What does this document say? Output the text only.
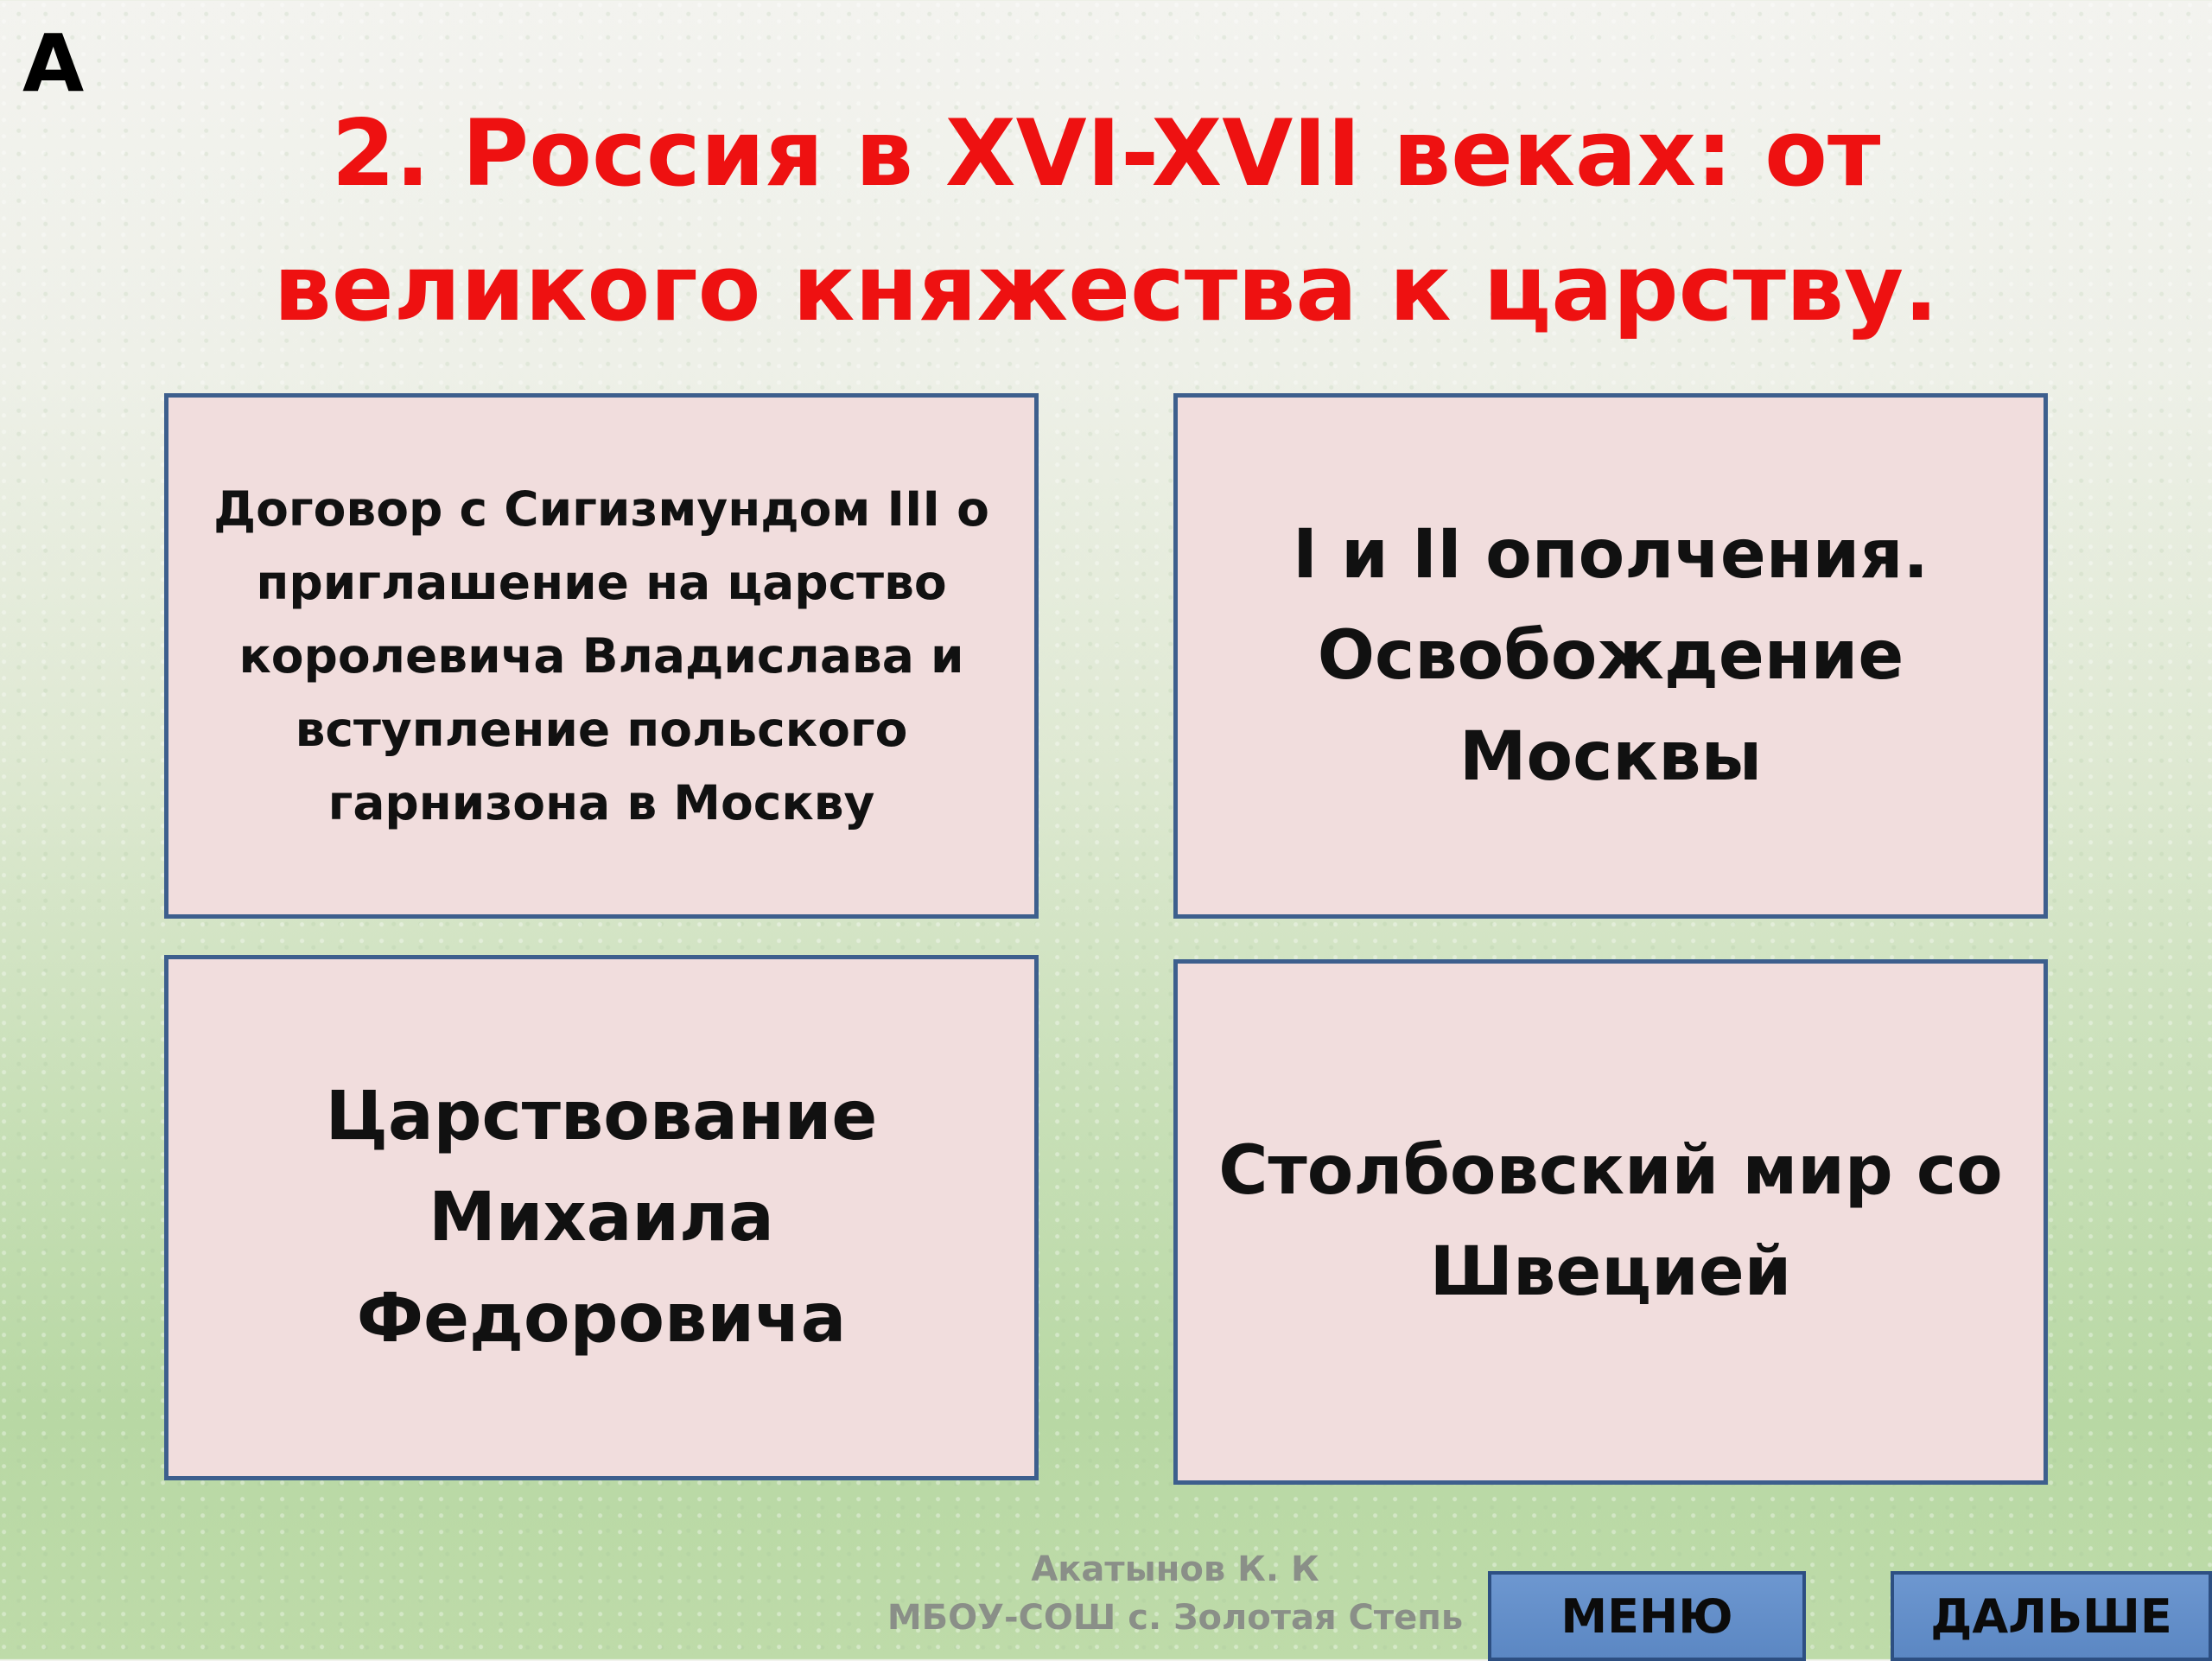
А
2. Россия в XVI-XVII веках: от великого княжества к царству.
Договор с Сигизмундом III о
приглашение на царство
королевича Владислава и
вступление польского
гарнизона в Москву
I и II ополчения.
Освобождение
Москвы
Царствование
Михаила
Федоровича
Столбовский мир со
Швецией
Акатынов К. К
МБОУ-СОШ с. Золотая Степь	МЕНЮ	ДАЛЬШЕ
